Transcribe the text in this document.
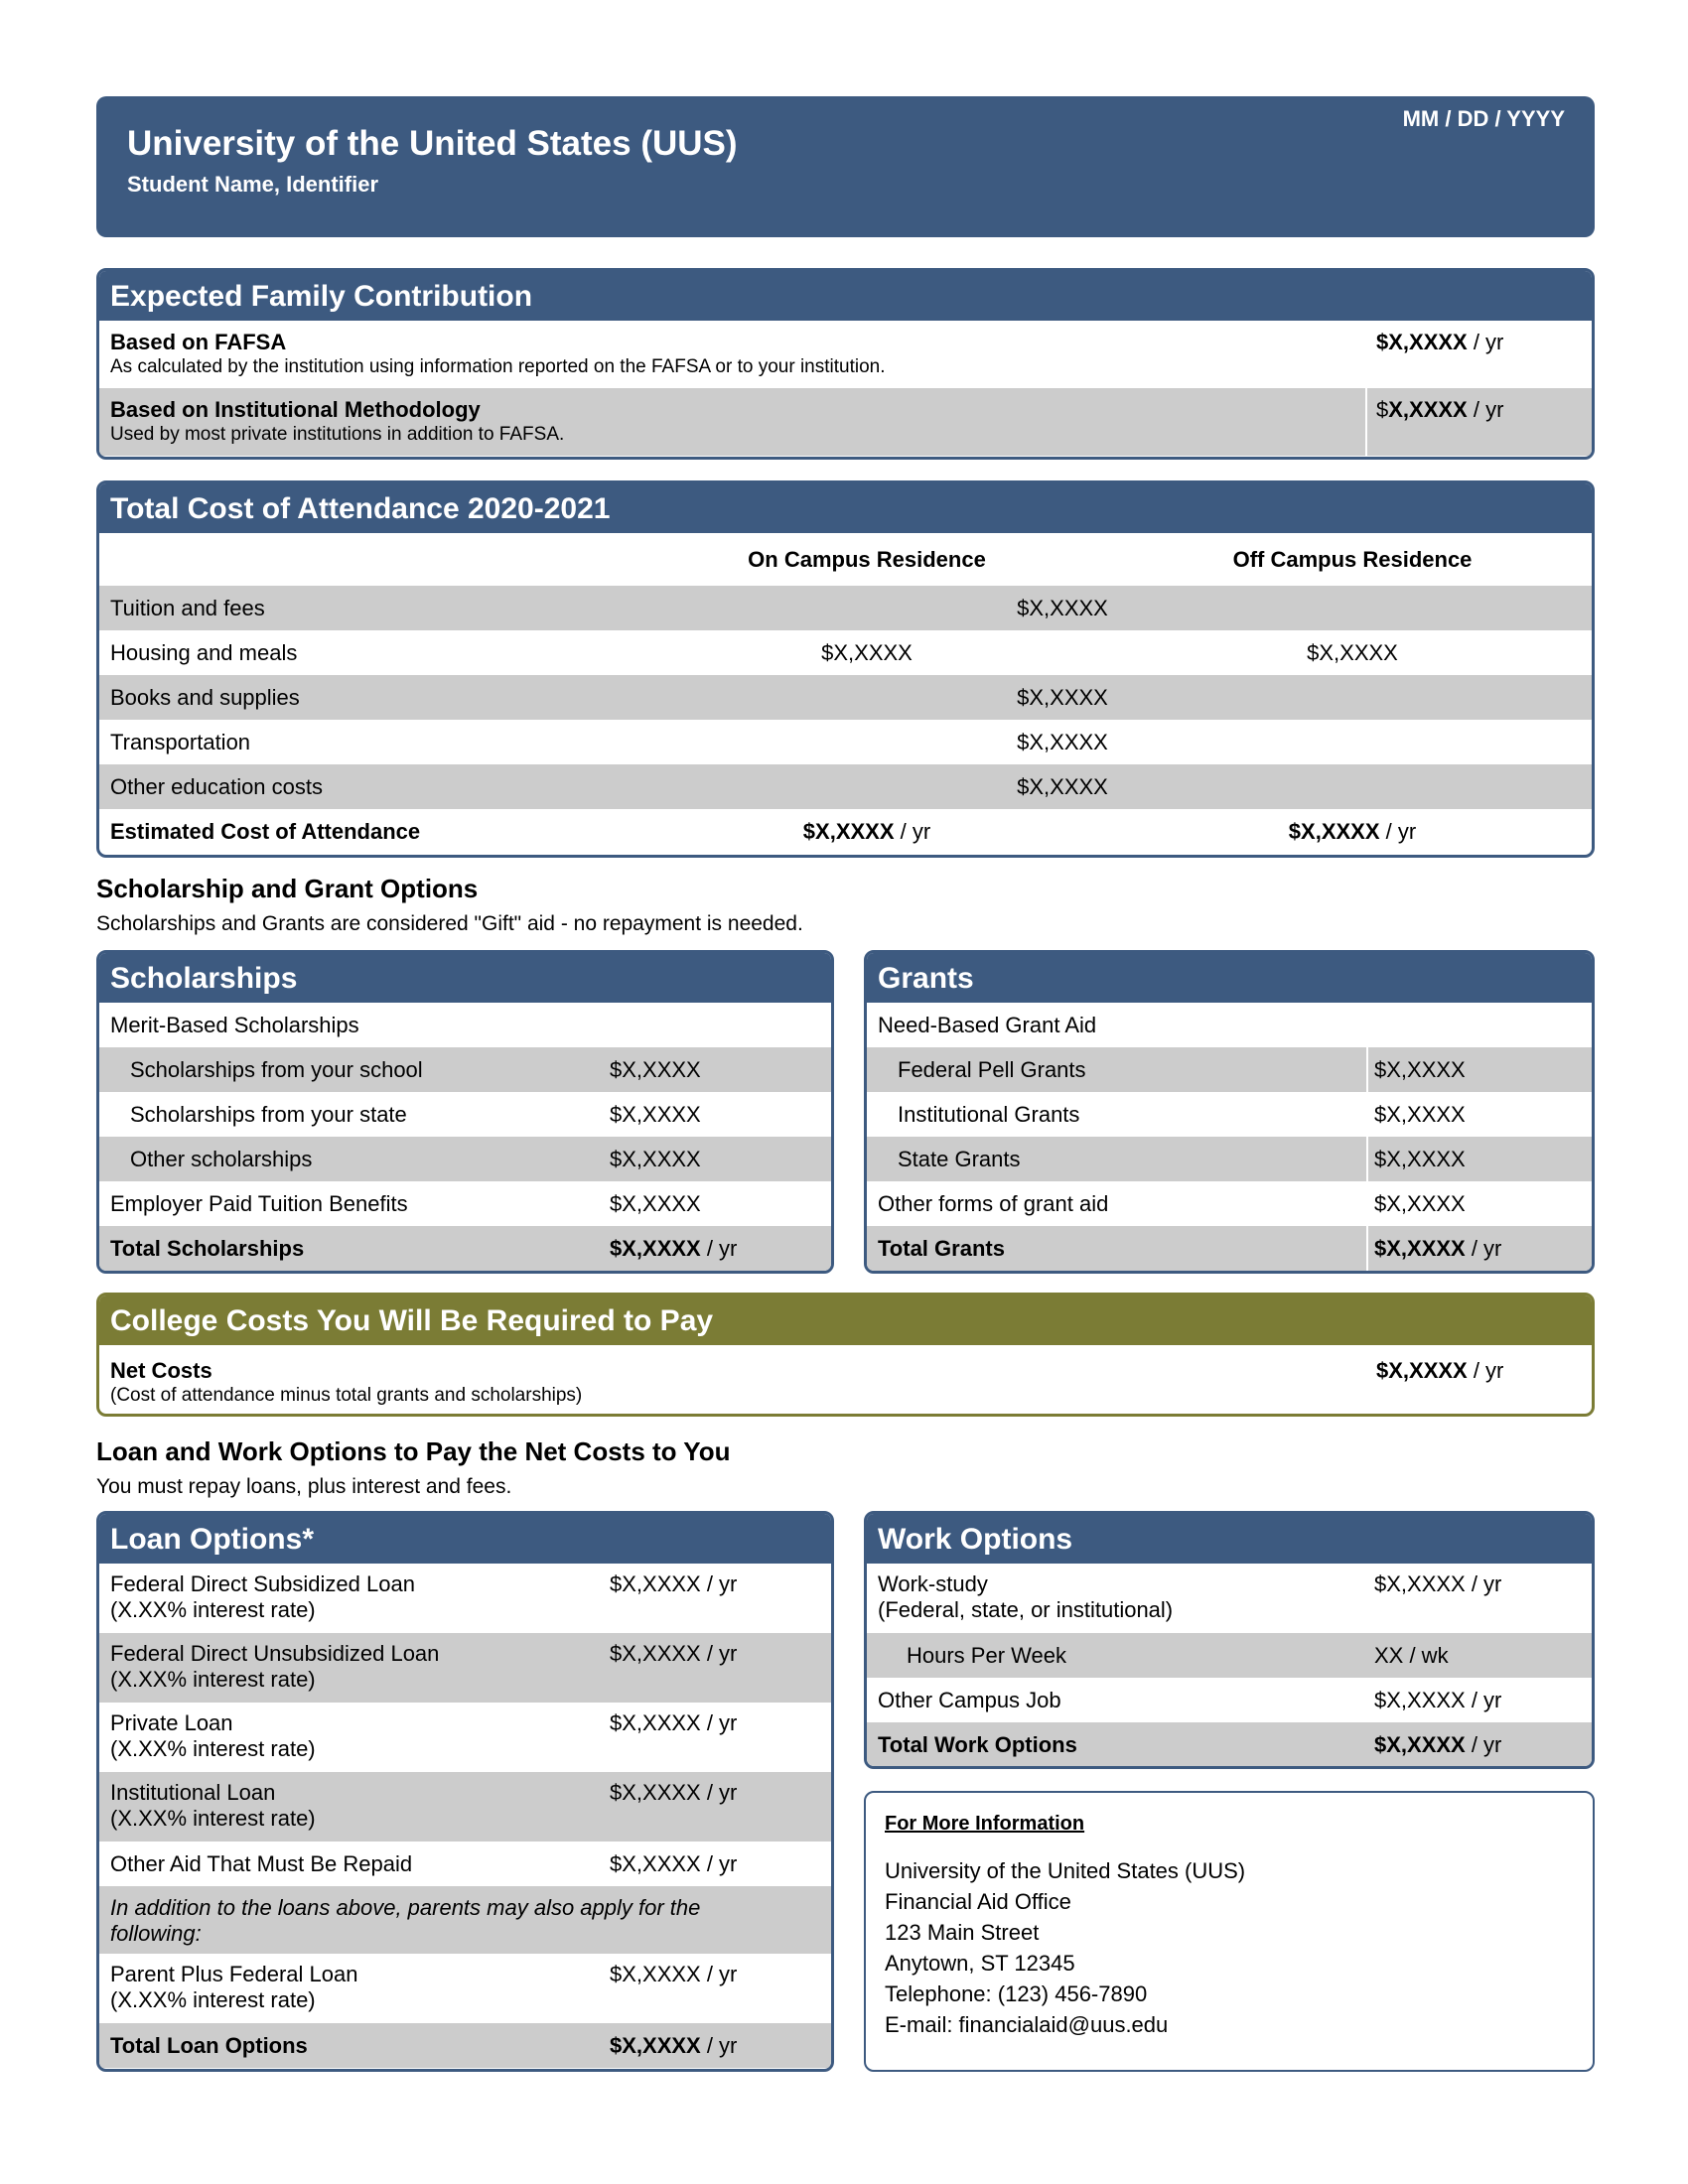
University of the United States (UUS)
Student Name, Identifier
MM / DD / YYYY
Expected Family Contribution
Based on FAFSA
As calculated by the institution using information reported on the FAFSA or to your institution.
$X,XXXX / yr
Based on Institutional Methodology
Used by most private institutions in addition to FAFSA.
$X,XXXX / yr
Total Cost of Attendance 2020-2021
On Campus Residence	Off Campus Residence
Tuition and fees	$X,XXXX
Housing and meals	$X,XXXX	$X,XXXX
Books and supplies	$X,XXXX
Transportation	$X,XXXX
Other education costs	$X,XXXX
Estimated Cost of Attendance	$X,XXXX / yr	$X,XXXX / yr
Scholarship and Grant Options
Scholarships and Grants are considered "Gift" aid - no repayment is needed.
Scholarships
Merit-Based Scholarships
Scholarships from your school	$X,XXXX
Scholarships from your state	$X,XXXX
Other scholarships	$X,XXXX
Employer Paid Tuition Benefits	$X,XXXX
Total Scholarships	$X,XXXX / yr
Grants
Need-Based Grant Aid
Federal Pell Grants	$X,XXXX
Institutional Grants	$X,XXXX
State Grants	$X,XXXX
Other forms of grant aid	$X,XXXX
Total Grants	$X,XXXX / yr
College Costs You Will Be Required to Pay
Net Costs
(Cost of attendance minus total grants and scholarships)
$X,XXXX / yr
Loan and Work Options to Pay the Net Costs to You
You must repay loans, plus interest and fees.
Loan Options*
Federal Direct Subsidized Loan
(X.XX% interest rate)
$X,XXXX / yr
Federal Direct Unsubsidized Loan
(X.XX% interest rate)
$X,XXXX / yr
Private Loan
(X.XX% interest rate)
$X,XXXX / yr
Institutional Loan
(X.XX% interest rate)
$X,XXXX / yr
Other Aid That Must Be Repaid	$X,XXXX / yr
In addition to the loans above, parents may also apply for the following:
Parent Plus Federal Loan
(X.XX% interest rate)
$X,XXXX / yr
Total Loan Options	$X,XXXX / yr
Work Options
Work-study
(Federal, state, or institutional)
$X,XXXX / yr
Hours Per Week	XX / wk
Other Campus Job	$X,XXXX / yr
Total Work Options	$X,XXXX / yr
For More Information
University of the United States (UUS)
Financial Aid Office
123 Main Street
Anytown, ST 12345
Telephone: (123) 456-7890
E-mail: financialaid@uus.edu
